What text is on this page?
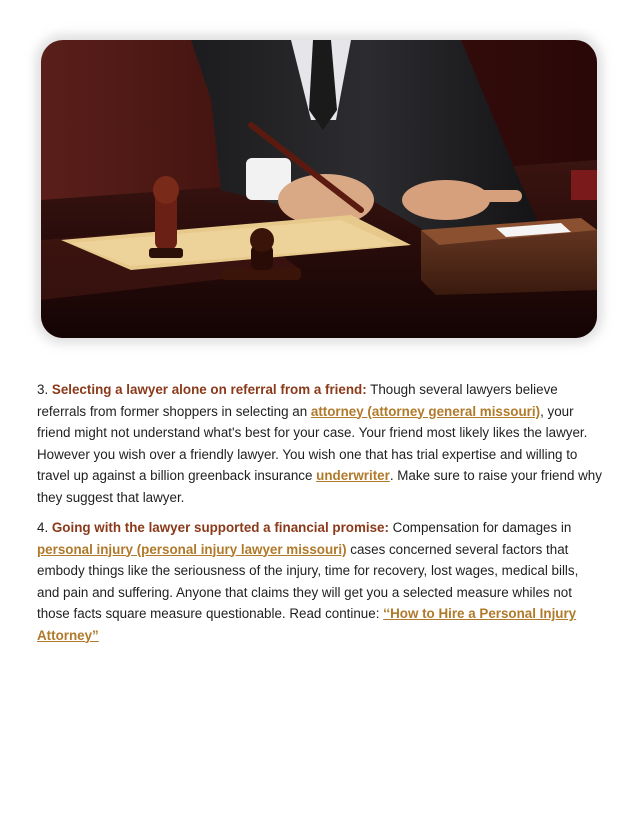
3. Selecting a lawyer alone on referral from a friend: Though several lawyers believe referrals from former shoppers in selecting an attorney (attorney general missouri), your friend might not understand what's best for your case. Your friend most likely likes the lawyer. However you wish over a friendly lawyer. You wish one that has trial expertise and willing to travel up against a billion greenback insurance underwriter. Make sure to raise your friend why they suggest that lawyer.

4. Going with the lawyer supported a financial promise: Compensation for damages in personal injury (personal injury lawyer missouri) cases concerned several factors that embody things like the seriousness of the injury, time for recovery, lost wages, medical bills, and pain and suffering. Anyone that claims they will get you a selected measure whiles not those facts square measure questionable. Read continue: ‘‘How to Hire a Personal Injury Attorney”
